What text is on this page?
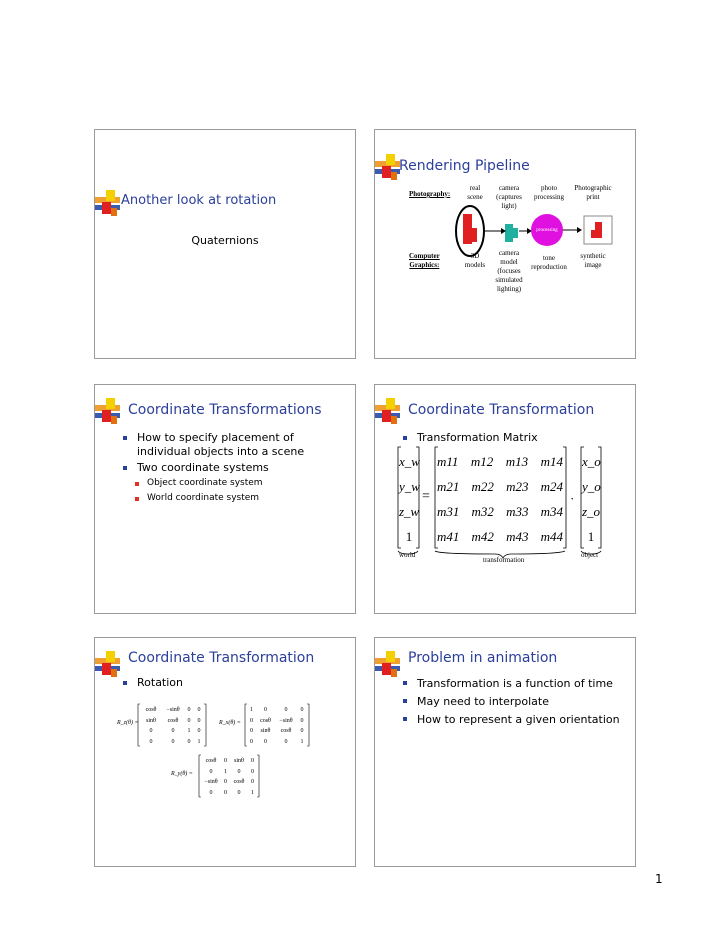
Another look at rotation
Quaternions
Rendering Pipeline
Photography:
real
scene
camera
(captures
light)
photo
processing
Photographic
print
processing
Computer
Graphics:
3D
models
camera
model
(focuses
simulated
lighting)
tone
reproduction
synthetic
image
Coordinate Transformations
How to specify placement of individual objects into a scene
Two coordinate systems
Object coordinate system
World coordinate system
Coordinate Transformation
Transformation Matrix
x_w
y_w
z_w
1
=
m11 m12 m13 m14
m21 m22 m23 m24
m31 m32 m33 m34
m41 m42 m43 m44
·
x_o
y_o
z_o
1
world
transformation
object
Coordinate Transformation
Rotation
R_z(θ) =
cosθ	−sinθ	0	0
sinθ	cosθ	0	0
0	0	1	0
0	0	0	1
R_x(θ) =
1	0	0	0
0	cosθ	−sinθ	0
0	sinθ	cosθ	0
0	0	0	1
R_y(θ) =
cosθ	0	sinθ	0
0	1	0	0
−sinθ	0	cosθ	0
0	0	0	1
Problem in animation
Transformation is a function of time
May need to interpolate
How to represent a given orientation
1
